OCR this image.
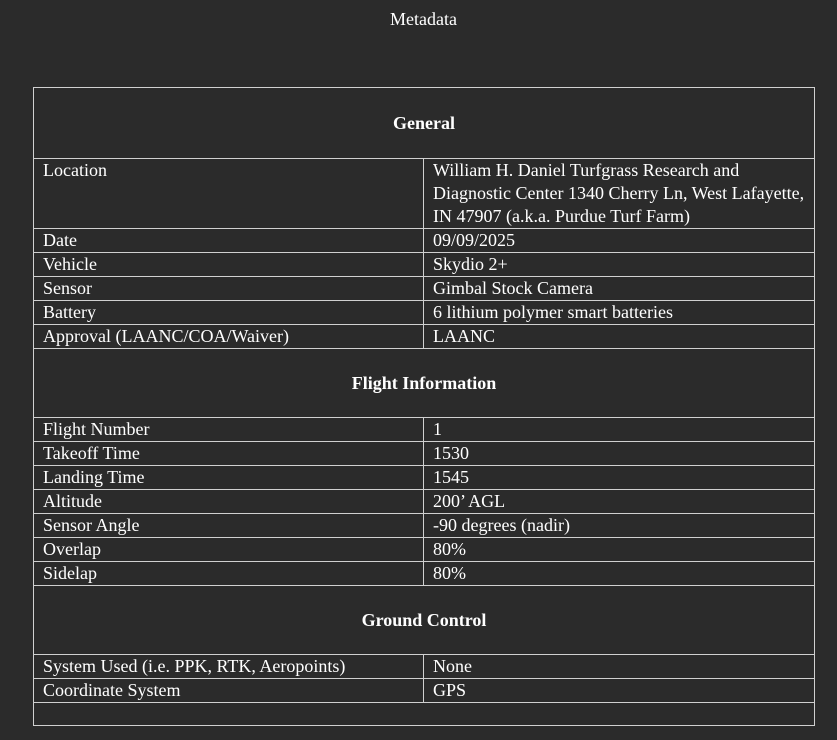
Metadata
General	
Location	William H. Daniel Turfgrass Research and Diagnostic Center 1340 Cherry Ln, West Lafayette, IN 47907 (a.k.a. Purdue Turf Farm)
Date	09/09/2025
Vehicle	Skydio 2+
Sensor	Gimbal Stock Camera
Battery	6 lithium polymer smart batteries
Approval (LAANC/COA/Waiver)	LAANC
Flight Information	
Flight Number	1
Takeoff Time	1530
Landing Time	1545
Altitude	200’ AGL
Sensor Angle	-90 degrees (nadir)
Overlap	80%
Sidelap	80%
Ground Control	
System Used (i.e. PPK, RTK, Aeropoints)	None
Coordinate System	GPS
